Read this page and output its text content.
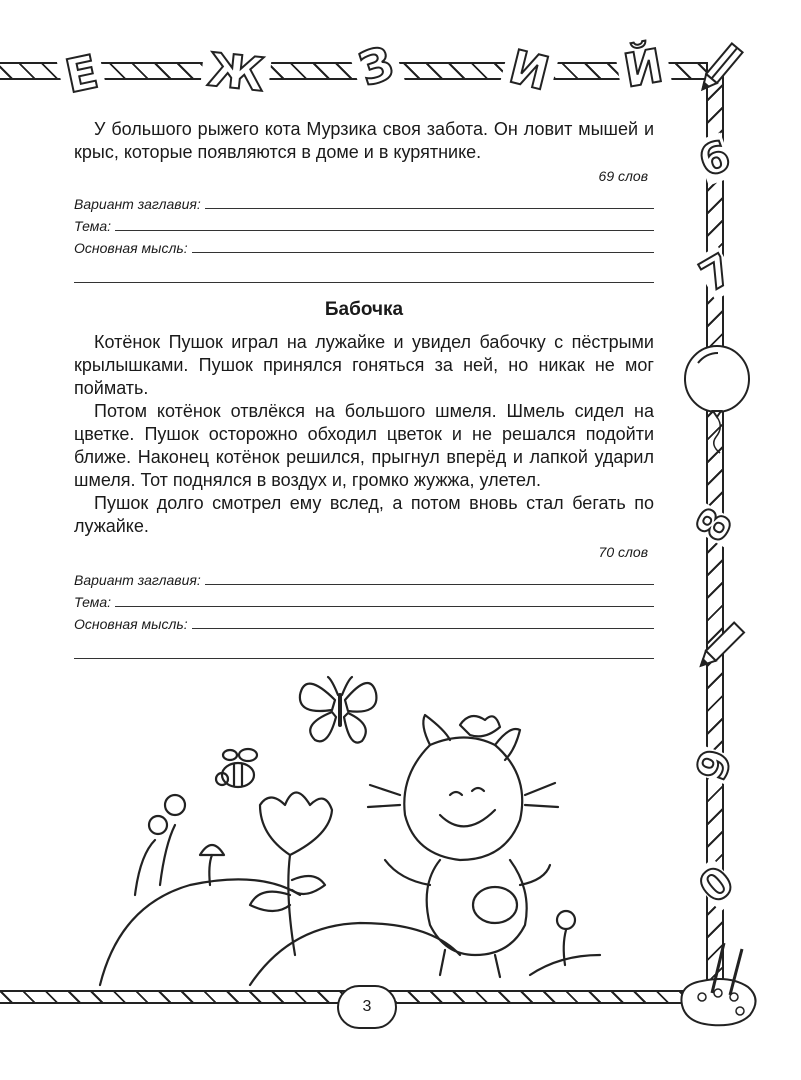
Е Ж З И Й
6
7
8
9
0

У большого рыжего кота Мурзика своя забота. Он ловит мышей и крыс, которые появляются в доме и в курятнике.

69 слов
Вариант заглавия:
Тема:
Основная мысль:
Бабочка

Котёнок Пушок играл на лужайке и увидел бабочку с пёстрыми крылышками. Пушок принялся гоняться за ней, но никак не мог поймать.

Потом котёнок отвлёкся на большого шмеля. Шмель сидел на цветке. Пушок осторожно обходил цветок и не решался подойти ближе. Наконец котёнок решился, прыгнул вперёд и лапкой ударил шмеля. Тот поднялся в воздух и, громко жужжа, улетел.

Пушок долго смотрел ему вслед, а потом вновь стал бегать по лужайке.

70 слов
Вариант заглавия:
Тема:
Основная мысль:
3
